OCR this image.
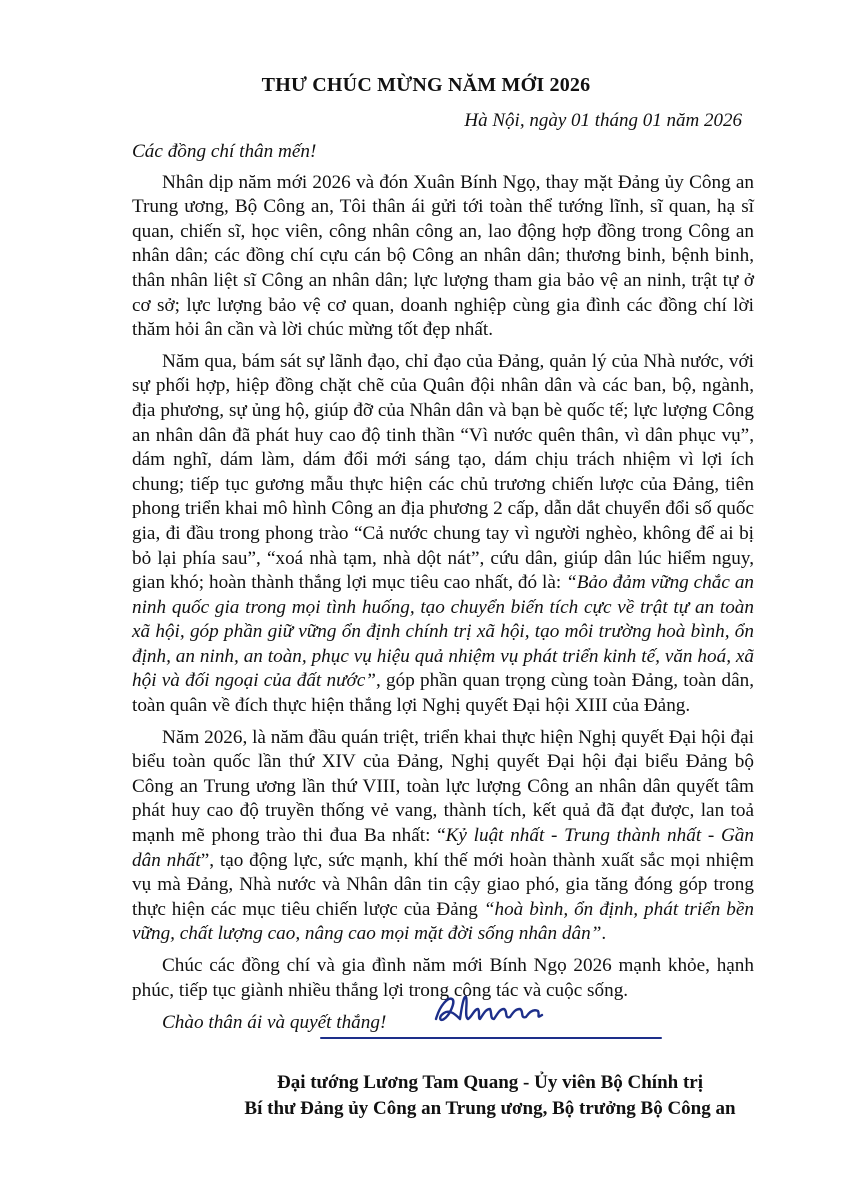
THƯ CHÚC MỪNG NĂM MỚI 2026
Hà Nội, ngày 01 tháng 01 năm 2026

Các đồng chí thân mến!

Nhân dịp năm mới 2026 và đón Xuân Bính Ngọ, thay mặt Đảng ủy Công an Trung ương, Bộ Công an, Tôi thân ái gửi tới toàn thể tướng lĩnh, sĩ quan, hạ sĩ quan, chiến sĩ, học viên, công nhân công an, lao động hợp đồng trong Công an nhân dân; các đồng chí cựu cán bộ Công an nhân dân; thương binh, bệnh binh, thân nhân liệt sĩ Công an nhân dân; lực lượng tham gia bảo vệ an ninh, trật tự ở cơ sở; lực lượng bảo vệ cơ quan, doanh nghiệp cùng gia đình các đồng chí lời thăm hỏi ân cần và lời chúc mừng tốt đẹp nhất.

Năm qua, bám sát sự lãnh đạo, chỉ đạo của Đảng, quản lý của Nhà nước, với sự phối hợp, hiệp đồng chặt chẽ của Quân đội nhân dân và các ban, bộ, ngành, địa phương, sự ủng hộ, giúp đỡ của Nhân dân và bạn bè quốc tế; lực lượng Công an nhân dân đã phát huy cao độ tinh thần “Vì nước quên thân, vì dân phục vụ”, dám nghĩ, dám làm, dám đổi mới sáng tạo, dám chịu trách nhiệm vì lợi ích chung; tiếp tục gương mẫu thực hiện các chủ trương chiến lược của Đảng, tiên phong triển khai mô hình Công an địa phương 2 cấp, dẫn dắt chuyển đổi số quốc gia, đi đầu trong phong trào “Cả nước chung tay vì người nghèo, không để ai bị bỏ lại phía sau”, “xoá nhà tạm, nhà dột nát”, cứu dân, giúp dân lúc hiểm nguy, gian khó; hoàn thành thắng lợi mục tiêu cao nhất, đó là: “Bảo đảm vững chắc an ninh quốc gia trong mọi tình huống, tạo chuyển biến tích cực về trật tự an toàn xã hội, góp phần giữ vững ổn định chính trị xã hội, tạo môi trường hoà bình, ổn định, an ninh, an toàn, phục vụ hiệu quả nhiệm vụ phát triển kinh tế, văn hoá, xã hội và đối ngoại của đất nước”, góp phần quan trọng cùng toàn Đảng, toàn dân, toàn quân về đích thực hiện thắng lợi Nghị quyết Đại hội XIII của Đảng.

Năm 2026, là năm đầu quán triệt, triển khai thực hiện Nghị quyết Đại hội đại biểu toàn quốc lần thứ XIV của Đảng, Nghị quyết Đại hội đại biểu Đảng bộ Công an Trung ương lần thứ VIII, toàn lực lượng Công an nhân dân quyết tâm phát huy cao độ truyền thống vẻ vang, thành tích, kết quả đã đạt được, lan toả mạnh mẽ phong trào thi đua Ba nhất: “Kỷ luật nhất - Trung thành nhất - Gần dân nhất”, tạo động lực, sức mạnh, khí thế mới hoàn thành xuất sắc mọi nhiệm vụ mà Đảng, Nhà nước và Nhân dân tin cậy giao phó, gia tăng đóng góp trong thực hiện các mục tiêu chiến lược của Đảng “hoà bình, ổn định, phát triển bền vững, chất lượng cao, nâng cao mọi mặt đời sống nhân dân”.

Chúc các đồng chí và gia đình năm mới Bính Ngọ 2026 mạnh khỏe, hạnh phúc, tiếp tục giành nhiều thắng lợi trong công tác và cuộc sống.

Chào thân ái và quyết thắng!

Đại tướng Lương Tam Quang - Ủy viên Bộ Chính trị
Bí thư Đảng ủy Công an Trung ương, Bộ trưởng Bộ Công an
